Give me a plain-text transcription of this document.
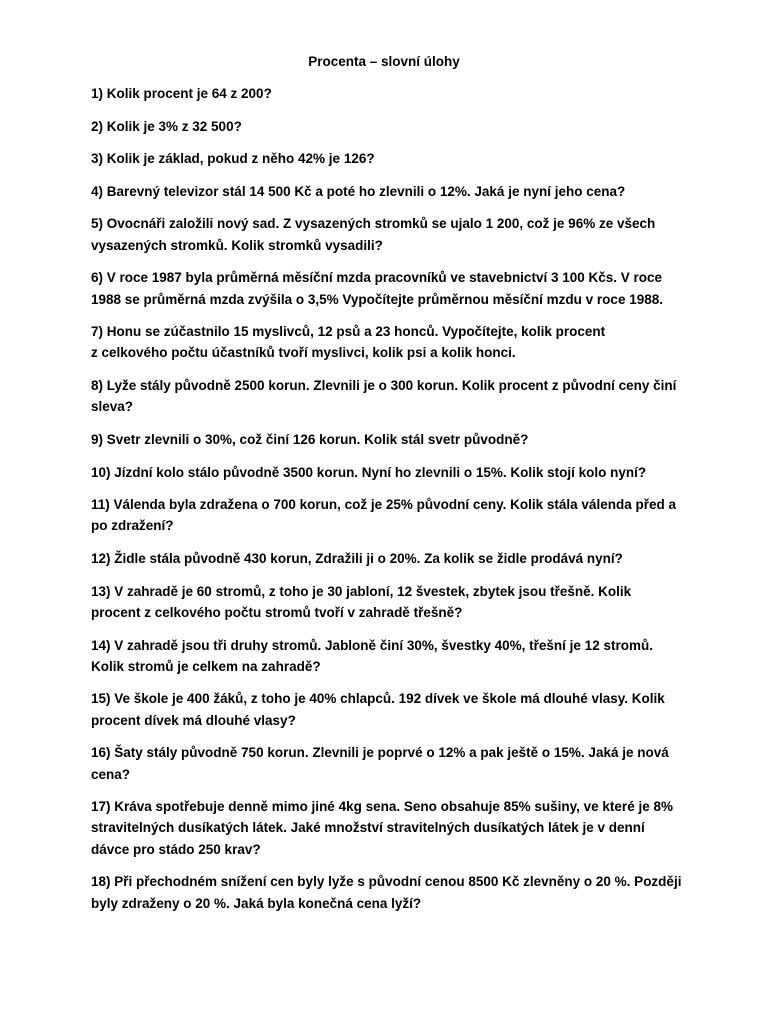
Procenta – slovní úlohy
1) Kolik procent je 64 z 200?
2) Kolik je 3% z 32 500?
3) Kolik je základ, pokud z něho 42% je 126?
4) Barevný televizor stál 14 500 Kč a poté ho zlevnili o 12%. Jaká je nyní jeho cena?
5) Ovocnáři založili nový sad. Z vysazených stromků se ujalo 1 200, což je 96% ze všech
vysazených stromků. Kolik stromků vysadili?
6) V roce 1987 byla průměrná měsíční mzda pracovníků ve stavebnictví 3 100 Kčs. V roce
1988 se průměrná mzda zvýšila o 3,5% Vypočítejte průměrnou měsíční mzdu v roce 1988.
7) Honu se zúčastnilo 15 myslivců, 12 psů a 23 honců. Vypočítejte, kolik procent
z celkového počtu účastníků tvoří myslivci, kolik psi a kolik honci.
8) Lyže stály původně 2500 korun. Zlevnili je o 300 korun. Kolik procent z původní ceny činí
sleva?
9) Svetr zlevnili o 30%, což činí 126 korun. Kolik stál svetr původně?
10) Jízdní kolo stálo původně 3500 korun. Nyní ho zlevnili o 15%. Kolik stojí kolo nyní?
11) Válenda byla zdražena o 700 korun, což je 25% původní ceny. Kolik stála válenda před a
po zdražení?
12) Židle stála původně 430 korun, Zdražili ji o 20%. Za kolik se židle prodává nyní?
13) V zahradě je 60 stromů, z toho je 30 jabloní, 12 švestek, zbytek jsou třešně. Kolik
procent z celkového počtu stromů tvoří v zahradě třešně?
14) V zahradě jsou tři druhy stromů. Jabloně činí 30%, švestky 40%, třešní je 12 stromů.
Kolik stromů je celkem na zahradě?
15) Ve škole je 400 žáků, z toho je 40% chlapců. 192 dívek ve škole má dlouhé vlasy. Kolik
procent dívek má dlouhé vlasy?
16) Šaty stály původně 750 korun. Zlevnili je poprvé o 12% a pak ještě o 15%. Jaká je nová
cena?
17) Kráva spotřebuje denně mimo jiné 4kg sena. Seno obsahuje 85% sušiny, ve které je 8%
stravitelných dusíkatých látek. Jaké množství stravitelných dusíkatých látek je v denní
dávce pro stádo 250 krav?
18) Při přechodném snížení cen byly lyže s původní cenou 8500 Kč zlevněny o 20 %. Později
byly zdraženy o 20 %. Jaká byla konečná cena lyží?
